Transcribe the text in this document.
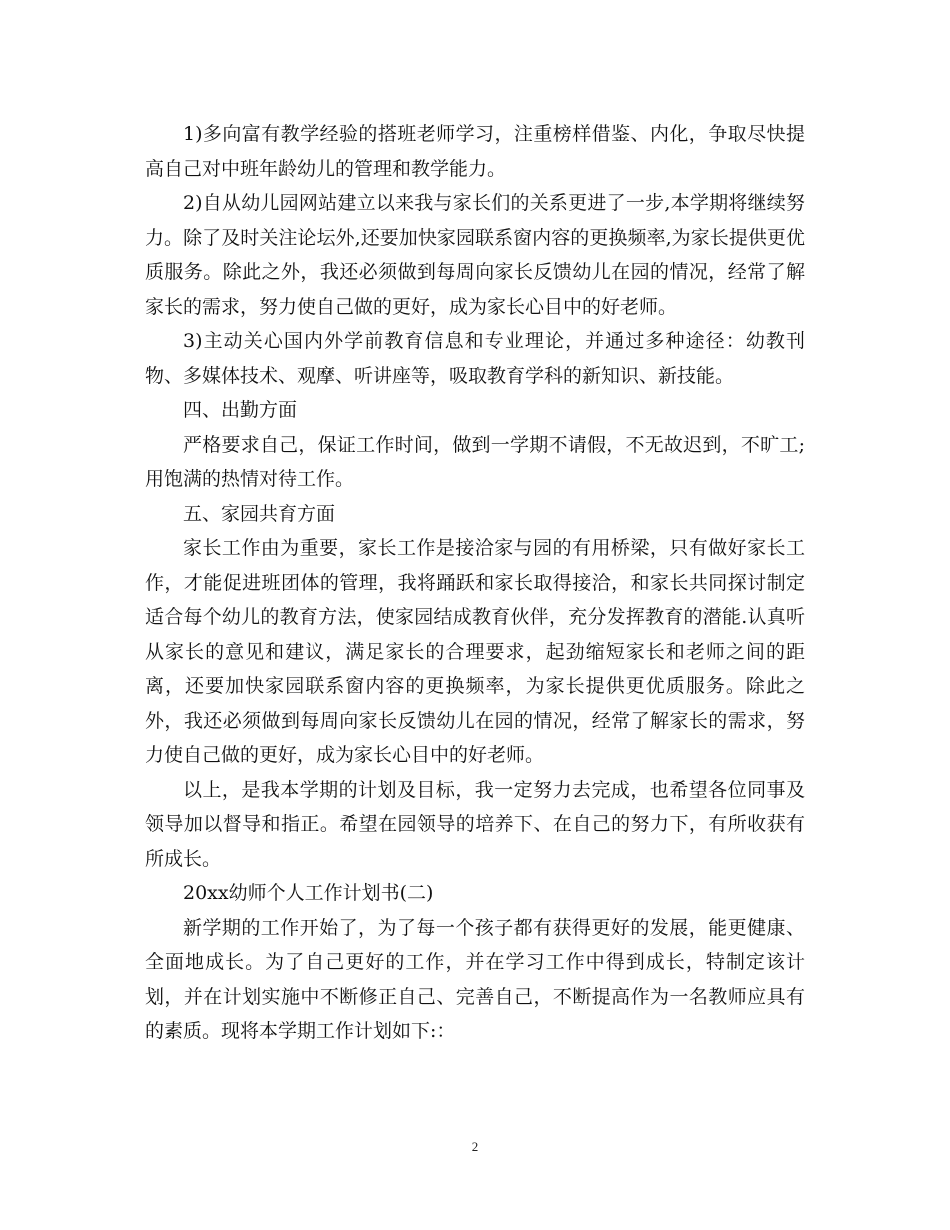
1)多向富有教学经验的搭班老师学习，注重榜样借鉴、内化，争取尽快提高自己对中班年龄幼儿的管理和教学能力。

2)自从幼儿园网站建立以来我与家长们的关系更进了一步,本学期将继续努力。除了及时关注论坛外,还要加快家园联系窗内容的更换频率,为家长提供更优质服务。除此之外，我还必须做到每周向家长反馈幼儿在园的情况，经常了解家长的需求，努力使自己做的更好，成为家长心目中的好老师。

3)主动关心国内外学前教育信息和专业理论，并通过多种途径：幼教刊物、多媒体技术、观摩、听讲座等，吸取教育学科的新知识、新技能。

四、出勤方面

严格要求自己，保证工作时间，做到一学期不请假，不无故迟到，不旷工;用饱满的热情对待工作。

五、家园共育方面

家长工作由为重要，家长工作是接洽家与园的有用桥梁，只有做好家长工作，才能促进班团体的管理，我将踊跃和家长取得接洽，和家长共同探讨制定适合每个幼儿的教育方法，使家园结成教育伙伴，充分发挥教育的潜能.认真听从家长的意见和建议，满足家长的合理要求，起劲缩短家长和老师之间的距离，还要加快家园联系窗内容的更换频率，为家长提供更优质服务。除此之外，我还必须做到每周向家长反馈幼儿在园的情况，经常了解家长的需求，努力使自己做的更好，成为家长心目中的好老师。

以上，是我本学期的计划及目标，我一定努力去完成，也希望各位同事及领导加以督导和指正。希望在园领导的培养下、在自己的努力下，有所收获有所成长。

20xx幼师个人工作计划书(二)

新学期的工作开始了，为了每一个孩子都有获得更好的发展，能更健康、全面地成长。为了自己更好的工作，并在学习工作中得到成长，特制定该计划，并在计划实施中不断修正自己、完善自己，不断提高作为一名教师应具有的素质。现将本学期工作计划如下:：

2
